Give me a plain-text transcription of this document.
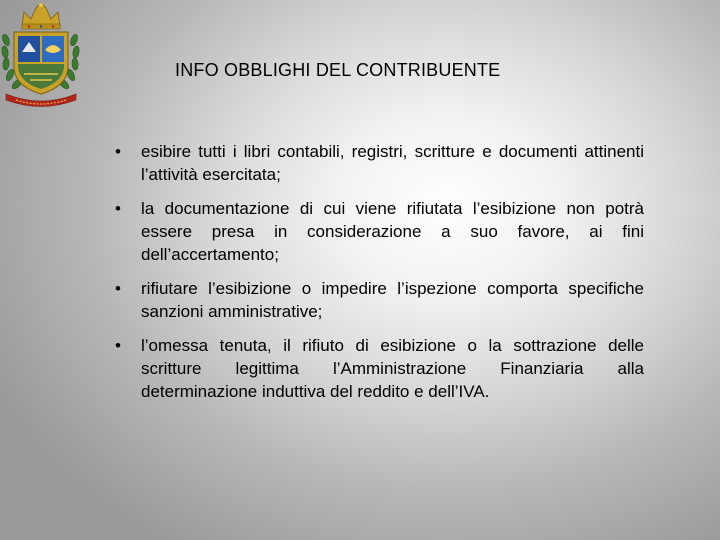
INFO OBBLIGHI DEL CONTRIBUENTE
• esibire tutti i libri contabili, registri, scritture e documenti attinenti l’attività esercitata;
• la documentazione di cui viene rifiutata l’esibizione non potrà essere presa in considerazione a suo favore, ai fini dell’accertamento;
• rifiutare l’esibizione o impedire l’ispezione comporta specifiche sanzioni amministrative;
• l’omessa tenuta, il rifiuto di esibizione o la sottrazione delle scritture legittima l’Amministrazione Finanziaria alla determinazione induttiva del reddito e dell’IVA.
